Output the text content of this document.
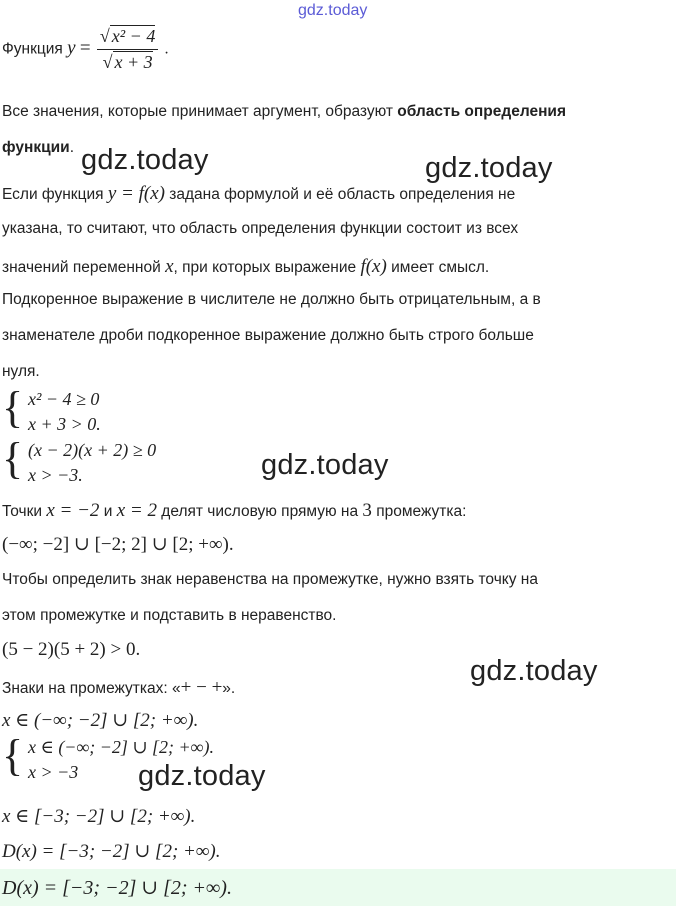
gdz.today
Функция $y = \frac{\text{√ x² − 4}}{√ x + 3}$ .
Все значения, которые принимает аргумент, образуют область определения
функции.
Если функция y = f(x) задана формулой и её область определения не
указана, то считают, что область определения функции состоит из всех
значений переменной x, при которых выражение f(x) имеет смысл.
Подкоренное выражение в числителе не должно быть отрицательным, а в
знаменателе дроби подкоренное выражение должно быть строго больше
нуля.
{ x² − 4 ≥ 0
x + 3 > 0.
{ (x − 2)(x + 2) ≥ 0
x > −3.
Точки x = −2 и x = 2 делят числовую прямую на 3 промежутка:
(−∞; −2] ∪ [−2; 2] ∪ [2; +∞).
Чтобы определить знак неравенства на промежутке, нужно взять точку на
этом промежутке и подставить в неравенство.
(5 − 2)(5 + 2) > 0.
Знаки на промежутках: «+ − +».
x ∈ (−∞; −2] ∪ [2; +∞).
{ x ∈ (−∞; −2] ∪ [2; +∞).
x > −3
x ∈ [−3; −2] ∪ [2; +∞).
D(x) = [−3; −2] ∪ [2; +∞).
D(x) = [−3; −2] ∪ [2; +∞).
gdz.today	gdz.today
gdz.today
gdz.today
gdz.today
